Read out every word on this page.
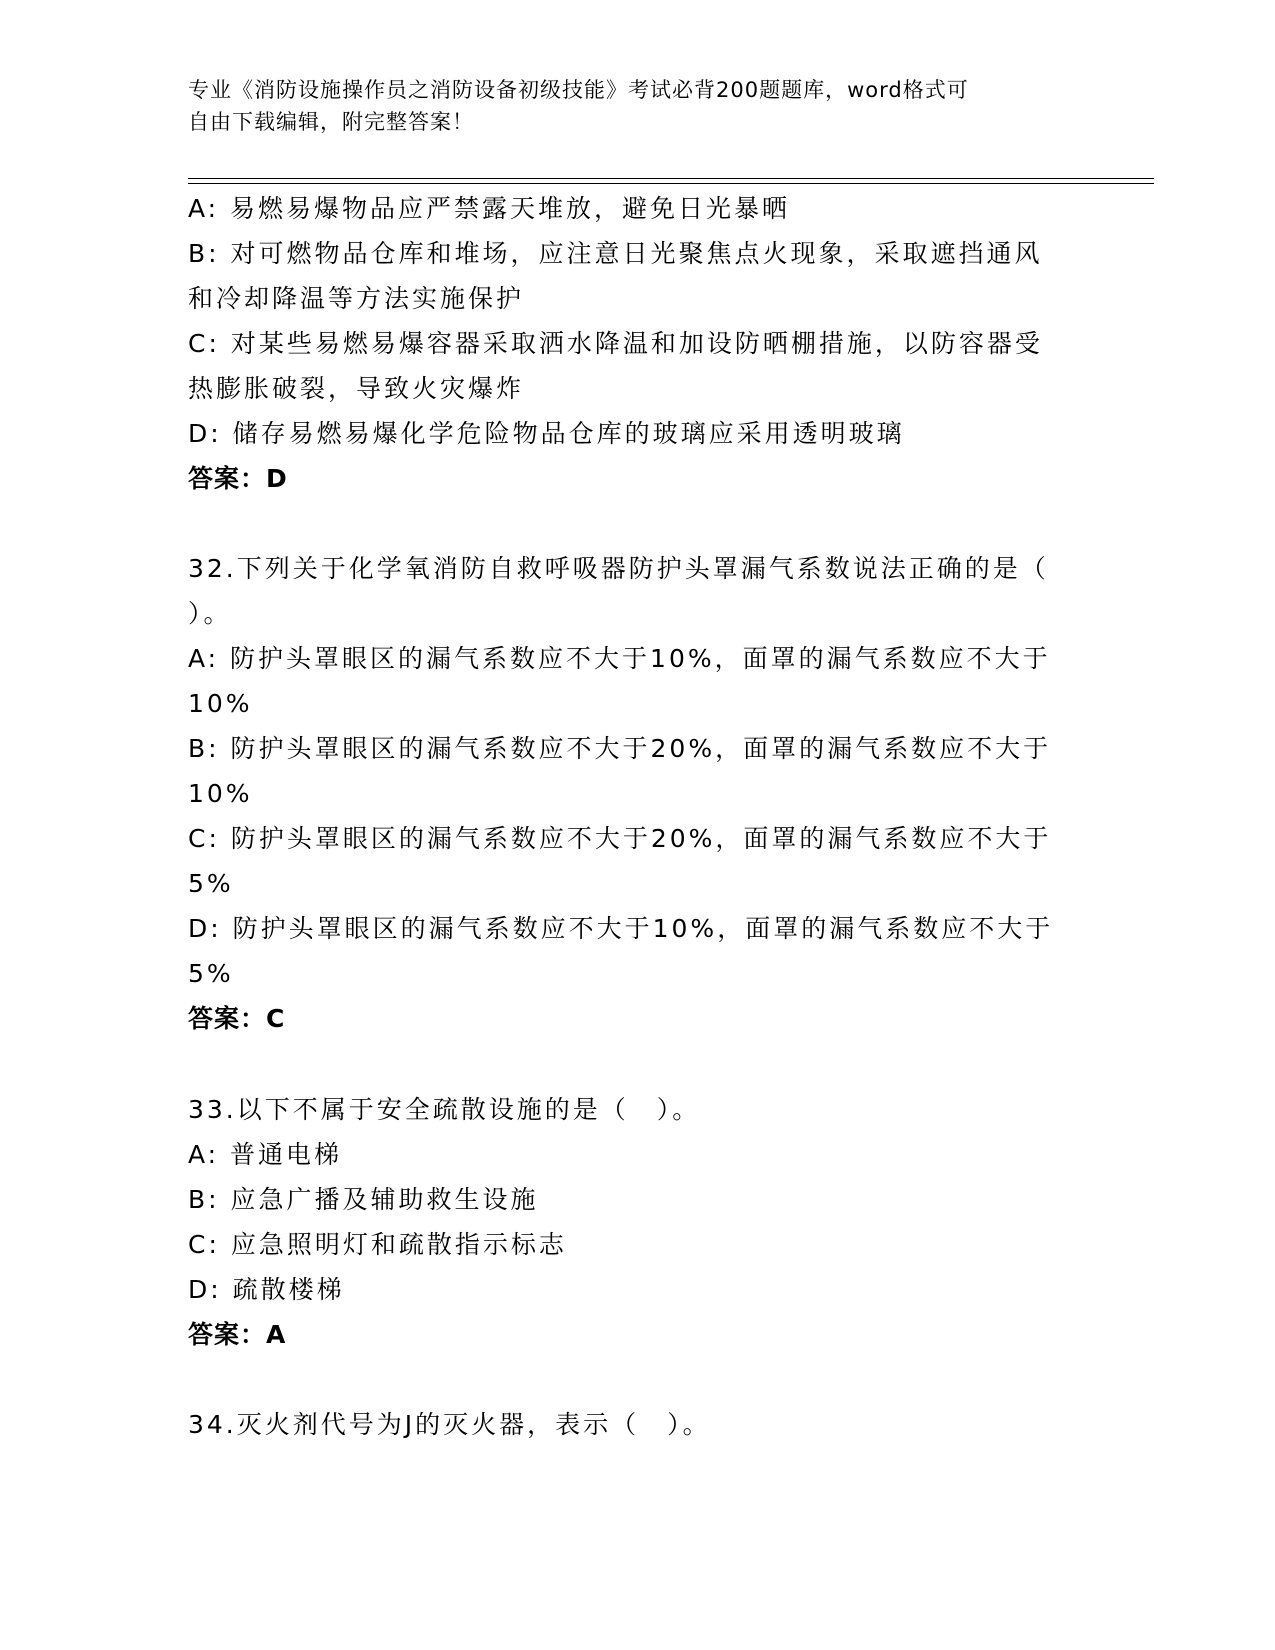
专业《消防设施操作员之消防设备初级技能》考试必背200题题库，word格式可
自由下载编辑，附完整答案！
A: 易燃易爆物品应严禁露天堆放，避免日光暴晒
B: 对可燃物品仓库和堆场，应注意日光聚焦点火现象，采取遮挡通风
和冷却降温等方法实施保护
C: 对某些易燃易爆容器采取洒水降温和加设防晒棚措施，以防容器受
热膨胀破裂，导致火灾爆炸
D: 储存易燃易爆化学危险物品仓库的玻璃应采用透明玻璃
答案：D
32.下列关于化学氧消防自救呼吸器防护头罩漏气系数说法正确的是（
）。
A: 防护头罩眼区的漏气系数应不大于10%，面罩的漏气系数应不大于
10%
B: 防护头罩眼区的漏气系数应不大于20%，面罩的漏气系数应不大于
10%
C: 防护头罩眼区的漏气系数应不大于20%，面罩的漏气系数应不大于
5%
D: 防护头罩眼区的漏气系数应不大于10%，面罩的漏气系数应不大于
5%
答案：C
33.以下不属于安全疏散设施的是（　）。
A: 普通电梯
B: 应急广播及辅助救生设施
C: 应急照明灯和疏散指示标志
D: 疏散楼梯
答案：A
34.灭火剂代号为J的灭火器，表示（　）。
